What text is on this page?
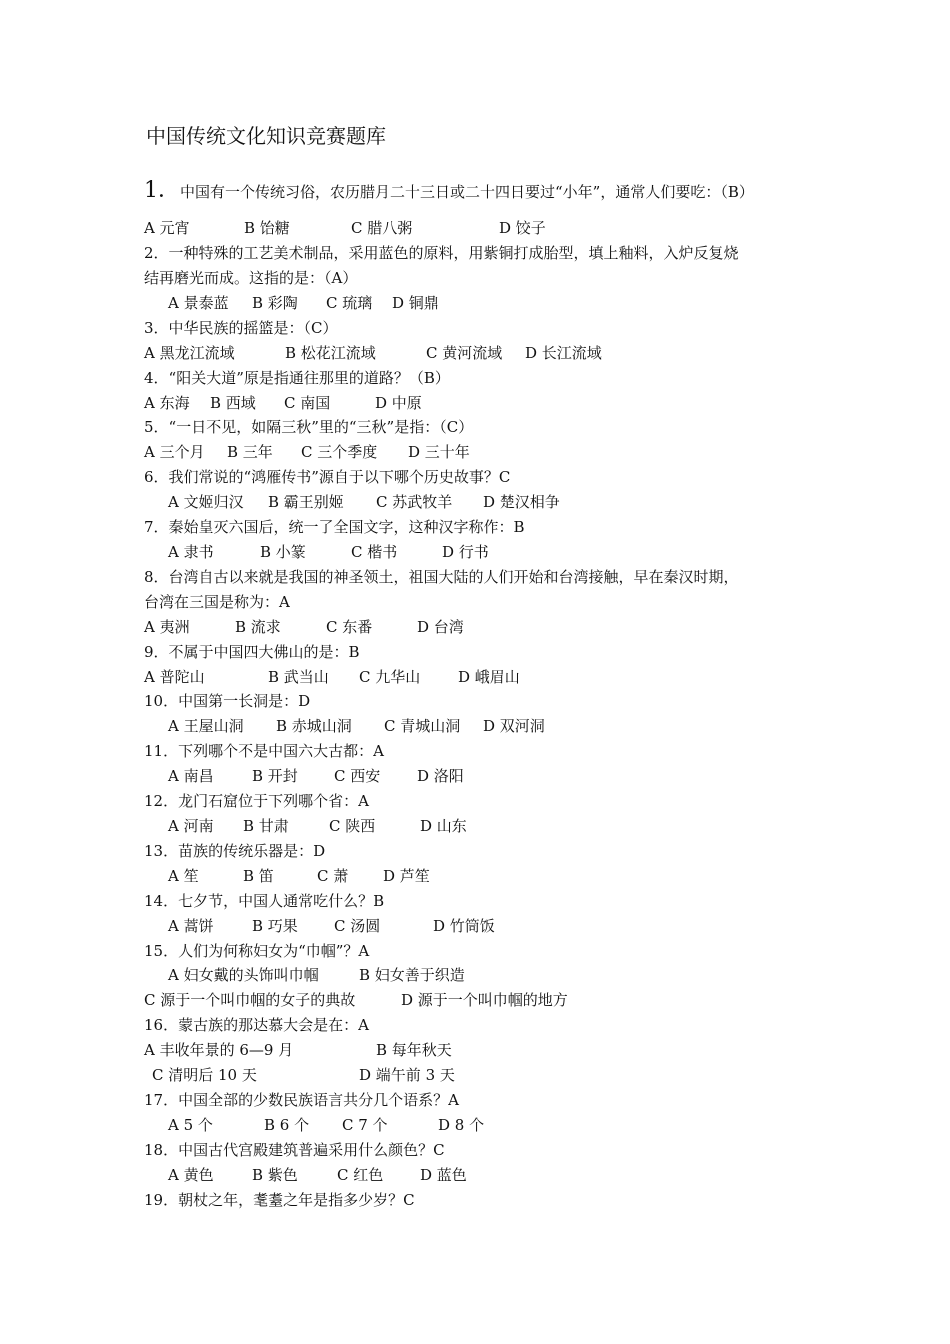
中国传统文化知识竞赛题库
1．中国有一个传统习俗，农历腊月二十三日或二十四日要过“小年”，通常人们要吃：（B）
A 元宵	B 饴糖	C 腊八粥	D 饺子
2．一种特殊的工艺美术制品，采用蓝色的原料，用紫铜打成胎型，填上釉料，入炉反复烧
结再磨光而成。这指的是：（A）
A 景泰蓝 B 彩陶 C 琉璃 D 铜鼎
3．中华民族的摇篮是：（C）
A 黑龙江流域	B 松花江流域	C 黄河流域 D 长江流域
4．“阳关大道”原是指通往那里的道路？（B）
A 东海 B 西域 C 南国	D 中原
5．“一日不见，如隔三秋”里的“三秋”是指：（C）
A 三个月 B 三年 C 三个季度 D 三十年
6．我们常说的“鸿雁传书”源自于以下哪个历史故事？C
A 文姬归汉 B 霸王别姬 C 苏武牧羊 D 楚汉相争
7．秦始皇灭六国后，统一了全国文字，这种汉字称作：B
A 隶书	B 小篆	C 楷书	D 行书
8．台湾自古以来就是我国的神圣领土，祖国大陆的人们开始和台湾接触，早在秦汉时期，
台湾在三国是称为：A
A 夷洲	B 流求	C 东番	D 台湾
9．不属于中国四大佛山的是：B
A 普陀山	B 武当山 C 九华山	D 峨眉山
10．中国第一长洞是：D
A 王屋山洞 B 赤城山洞 C 青城山洞 D 双河洞
11．下列哪个不是中国六大古都：A
A 南昌	B 开封 C 西安 D 洛阳
12．龙门石窟位于下列哪个省：A
A 河南 B 甘肃	C 陕西	D 山东
13．苗族的传统乐器是：D
A 笙	B 笛	C 萧 D 芦笙
14．七夕节，中国人通常吃什么？B
A 蒿饼	B 巧果 C 汤圆	D 竹筒饭
15．人们为何称妇女为“巾帼”？A
A 妇女戴的头饰叫巾帼	B 妇女善于织造
C 源于一个叫巾帼的女子的典故	D 源于一个叫巾帼的地方
16．蒙古族的那达慕大会是在：A
A 丰收年景的 6—9 月	B 每年秋天
C 清明后 10 天	D 端午前 3 天
17．中国全部的少数民族语言共分几个语系？A
A 5 个	B 6 个 C 7 个	D 8 个
18．中国古代宫殿建筑普遍采用什么颜色？C
A 黄色	B 紫色	C 红色 D 蓝色
19．朝杖之年，耄耋之年是指多少岁？C
